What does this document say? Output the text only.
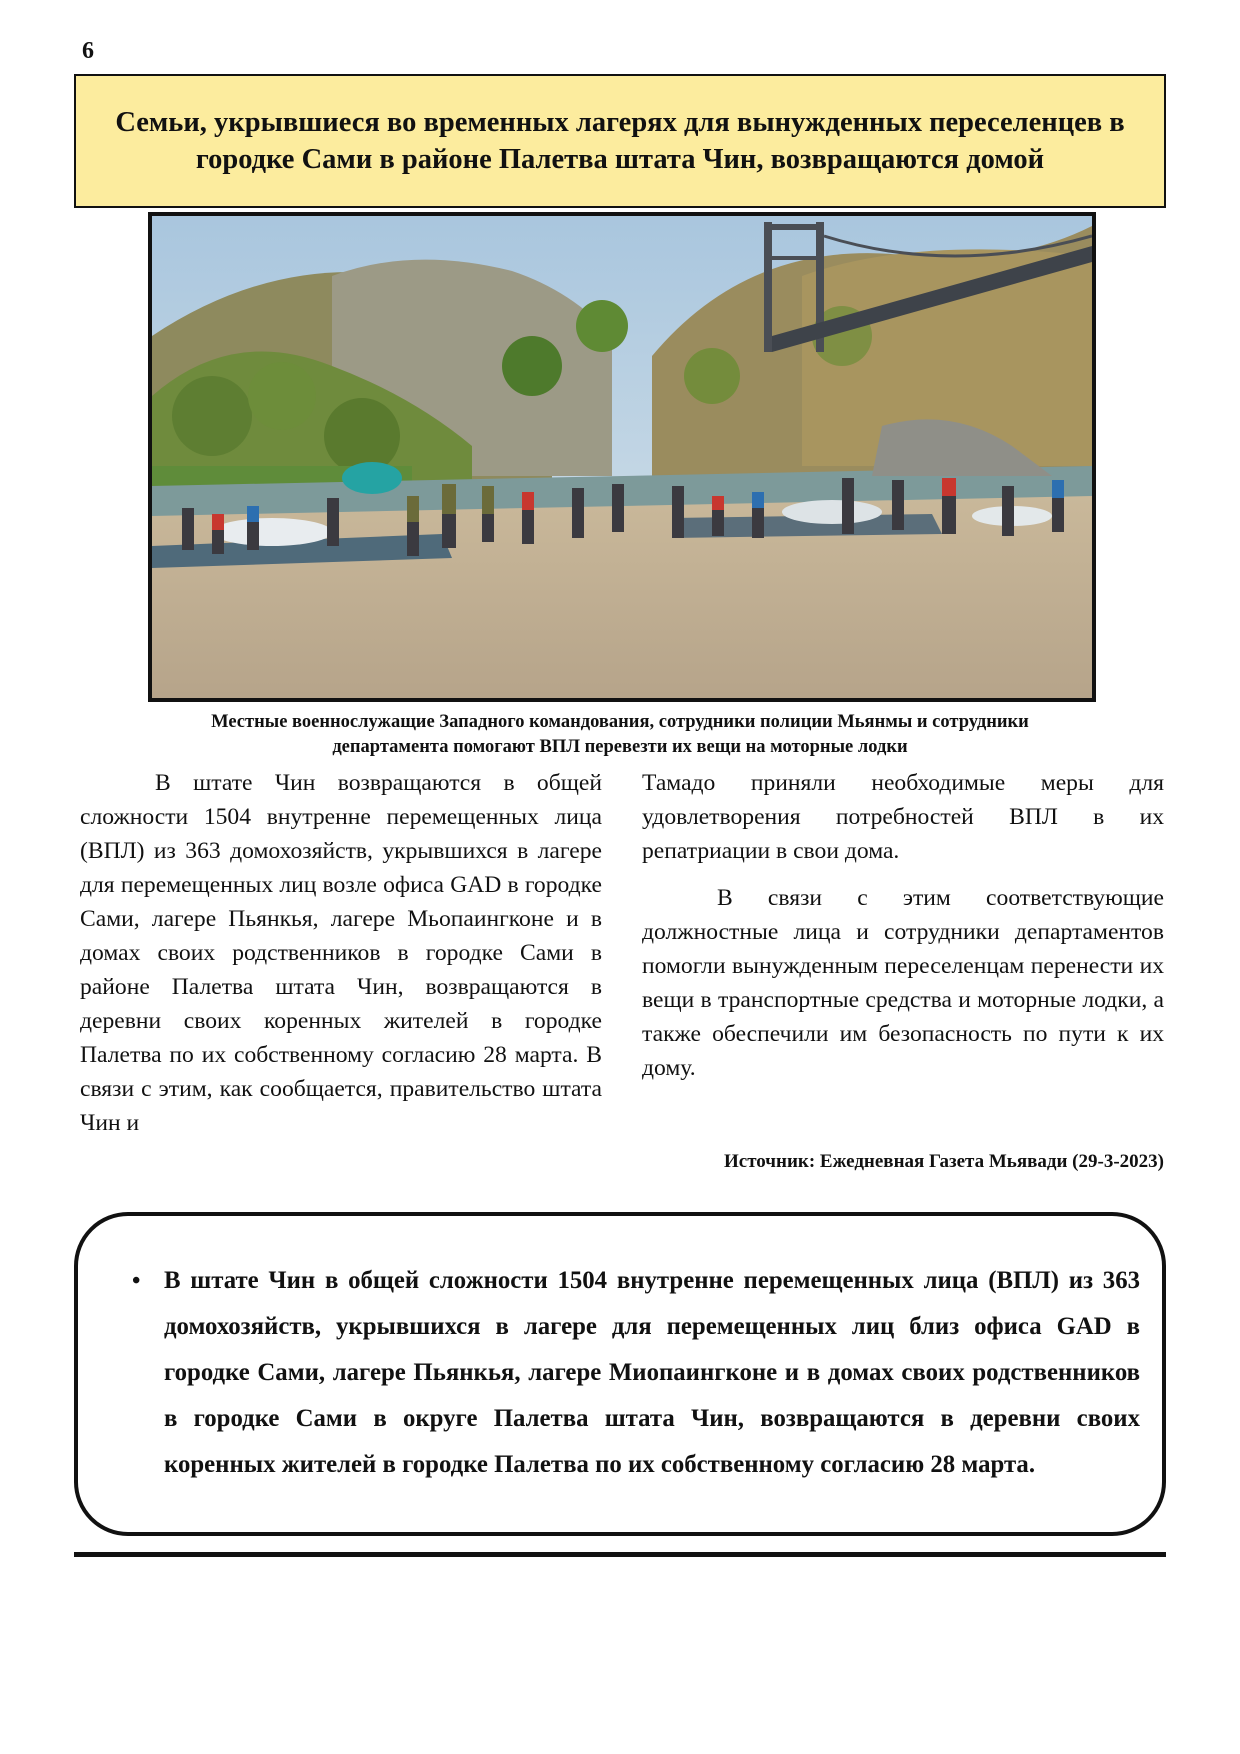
6
Семьи, укрывшиеся во временных лагерях для вынужденных переселенцев в городке Сами в районе Палетва штата Чин, возвращаются домой
Местные военнослужащие Западного командования, сотрудники полиции Мьянмы и сотрудники
департамента помогают ВПЛ перевезти их вещи на моторные лодки

В штате Чин возвращаются в общей сложности 1504 внутренне перемещенных лица (ВПЛ) из 363 домохозяйств, укрывшихся в лагере для перемещенных лиц возле офиса GAD в городке Сами, лагере Пьянкья, лагере Мьопаингконе и в домах своих родственников в городке Сами в районе Палетва штата Чин, возвращаются в деревни своих коренных жителей в городке Палетва по их собственному согласию 28 марта. В связи с этим, как сообщается, правительство штата Чин и

Тамадо приняли необходимые меры для удовлетворения потребностей ВПЛ в их репатриации в свои дома.

В связи с этим соответствующие должностные лица и сотрудники департаментов помогли вынужденным переселенцам перенести их вещи в транспортные средства и моторные лодки, а также обеспечили им безопасность по пути к их дому.

Источник: Ежедневная Газета Мьявади (29-3-2023)
• В штате Чин в общей сложности 1504 внутренне перемещенных лица (ВПЛ) из 363 домохозяйств, укрывшихся в лагере для перемещенных лиц близ офиса GAD в городке Сами, лагере Пьянкья, лагере Миопаингконе и в домах своих родственников в городке Сами в округе Палетва штата Чин, возвращаются в деревни своих коренных жителей в городке Палетва по их собственному согласию 28 марта.
